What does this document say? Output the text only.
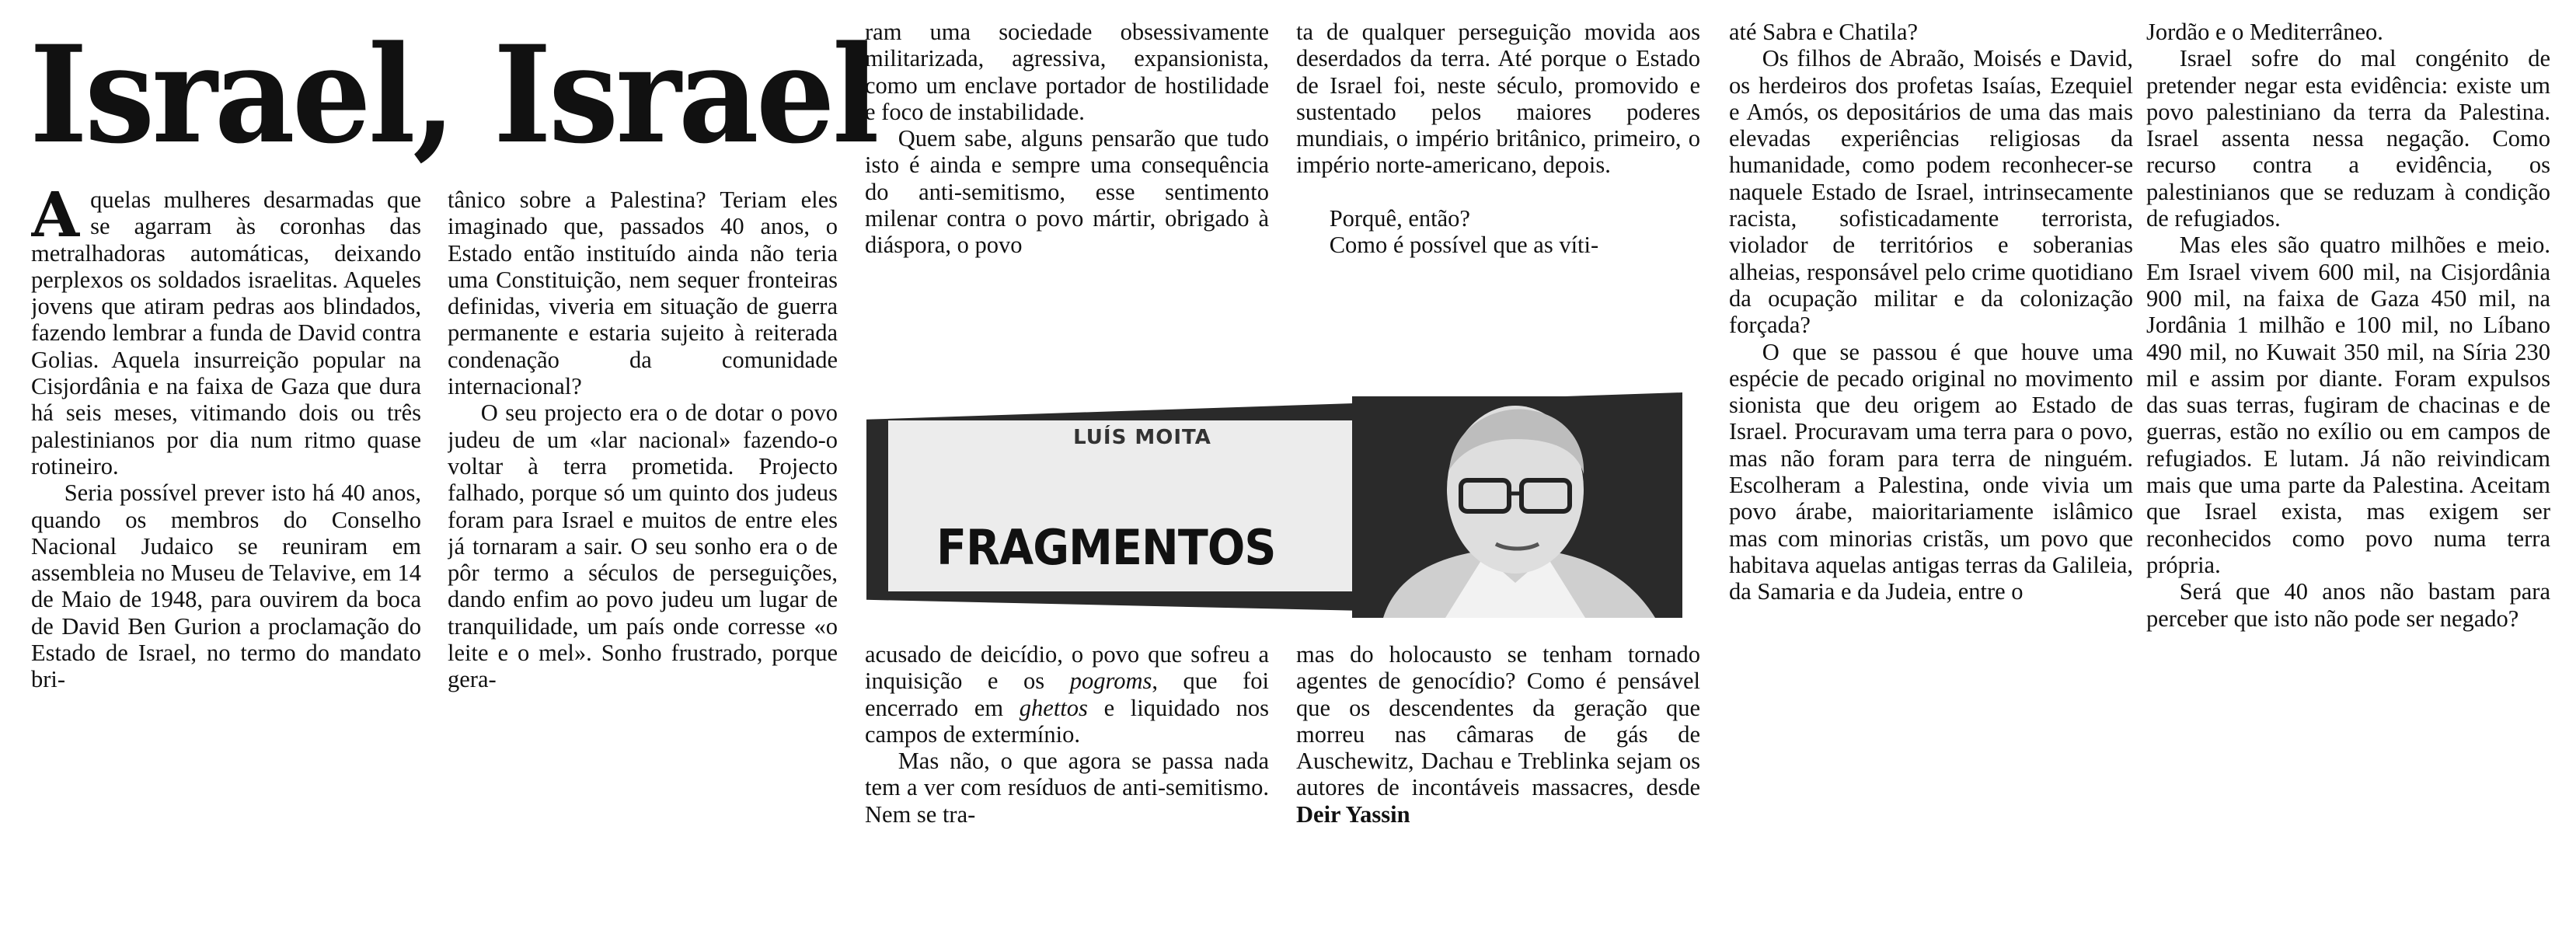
Israel, Israel

Aquelas mulheres desarmadas que se agarram às coronhas das metralhadoras automáticas, deixando perplexos os soldados israelitas. Aqueles jovens que atiram pedras aos blindados, fazendo lembrar a funda de David contra Golias. Aquela insurreição popular na Cisjordânia e na faixa de Gaza que dura há seis meses, vitimando dois ou três palestinianos por dia num ritmo quase rotineiro.

Seria possível prever isto há 40 anos, quando os membros do Conselho Nacional Judaico se reuniram em assembleia no Museu de Telavive, em 14 de Maio de 1948, para ouvirem da boca de David Ben Gurion a proclamação do Estado de Israel, no termo do mandato bri-

tânico sobre a Palestina? Teriam eles imaginado que, passados 40 anos, o Estado então instituído ainda não teria uma Constituição, nem sequer fronteiras definidas, viveria em situação de guerra permanente e estaria sujeito à reiterada condenação da comunidade internacional?

O seu projecto era o de dotar o povo judeu de um «lar nacional» fazendo-o voltar à terra prometida. Projecto falhado, porque só um quinto dos judeus foram para Israel e muitos de entre eles já tornaram a sair. O seu sonho era o de pôr termo a séculos de perseguições, dando enfim ao povo judeu um lugar de tranquilidade, um país onde corresse «o leite e o mel». Sonho frustrado, porque gera-

ram uma sociedade obsessivamente militarizada, agressiva, expansionista, como um enclave portador de hostilidade e foco de instabilidade.

Quem sabe, alguns pensarão que tudo isto é ainda e sempre uma consequência do anti-semitismo, esse sentimento milenar contra o povo mártir, obrigado à diáspora, o povo

ta de qualquer perseguição movida aos deserdados da terra. Até porque o Estado de Israel foi, neste século, promovido e sustentado pelos maiores poderes mundiais, o império britânico, primeiro, o império norte-americano, depois.

Porquê, então?

Como é possível que as víti-

LUÍS MOITA
FRAGMENTOS

acusado de deicídio, o povo que sofreu a inquisição e os pogroms, que foi encerrado em ghettos e liquidado nos campos de extermínio.

Mas não, o que agora se passa nada tem a ver com resíduos de anti-semitismo. Nem se tra-

mas do holocausto se tenham tornado agentes de genocídio? Como é pensável que os descendentes da geração que morreu nas câmaras de gás de Auschewitz, Dachau e Treblinka sejam os autores de incontáveis massacres, desde Deir Yassin

até Sabra e Chatila?

Os filhos de Abraão, Moisés e David, os herdeiros dos profetas Isaías, Ezequiel e Amós, os depositários de uma das mais elevadas experiências religiosas da humanidade, como podem reconhecer-se naquele Estado de Israel, intrinsecamente racista, sofisticadamente terrorista, violador de territórios e soberanias alheias, responsável pelo crime quotidiano da ocupação militar e da colonização forçada?

O que se passou é que houve uma espécie de pecado original no movimento sionista que deu origem ao Estado de Israel. Procuravam uma terra para o povo, mas não foram para terra de ninguém. Escolheram a Palestina, onde vivia um povo árabe, maioritariamente islâmico mas com minorias cristãs, um povo que habitava aquelas antigas terras da Galileia, da Samaria e da Judeia, entre o

Jordão e o Mediterrâneo.

Israel sofre do mal congénito de pretender negar esta evidência: existe um povo palestiniano da terra da Palestina. Israel assenta nessa negação. Como recurso contra a evidência, os palestinianos que se reduzam à condição de refugiados.

Mas eles são quatro milhões e meio. Em Israel vivem 600 mil, na Cisjordânia 900 mil, na faixa de Gaza 450 mil, na Jordânia 1 milhão e 100 mil, no Líbano 490 mil, no Kuwait 350 mil, na Síria 230 mil e assim por diante. Foram expulsos das suas terras, fugiram de chacinas e de guerras, estão no exílio ou em campos de refugiados. E lutam. Já não reivindicam mais que uma parte da Palestina. Aceitam que Israel exista, mas exigem ser reconhecidos como povo numa terra própria.

Será que 40 anos não bastam para perceber que isto não pode ser negado?
